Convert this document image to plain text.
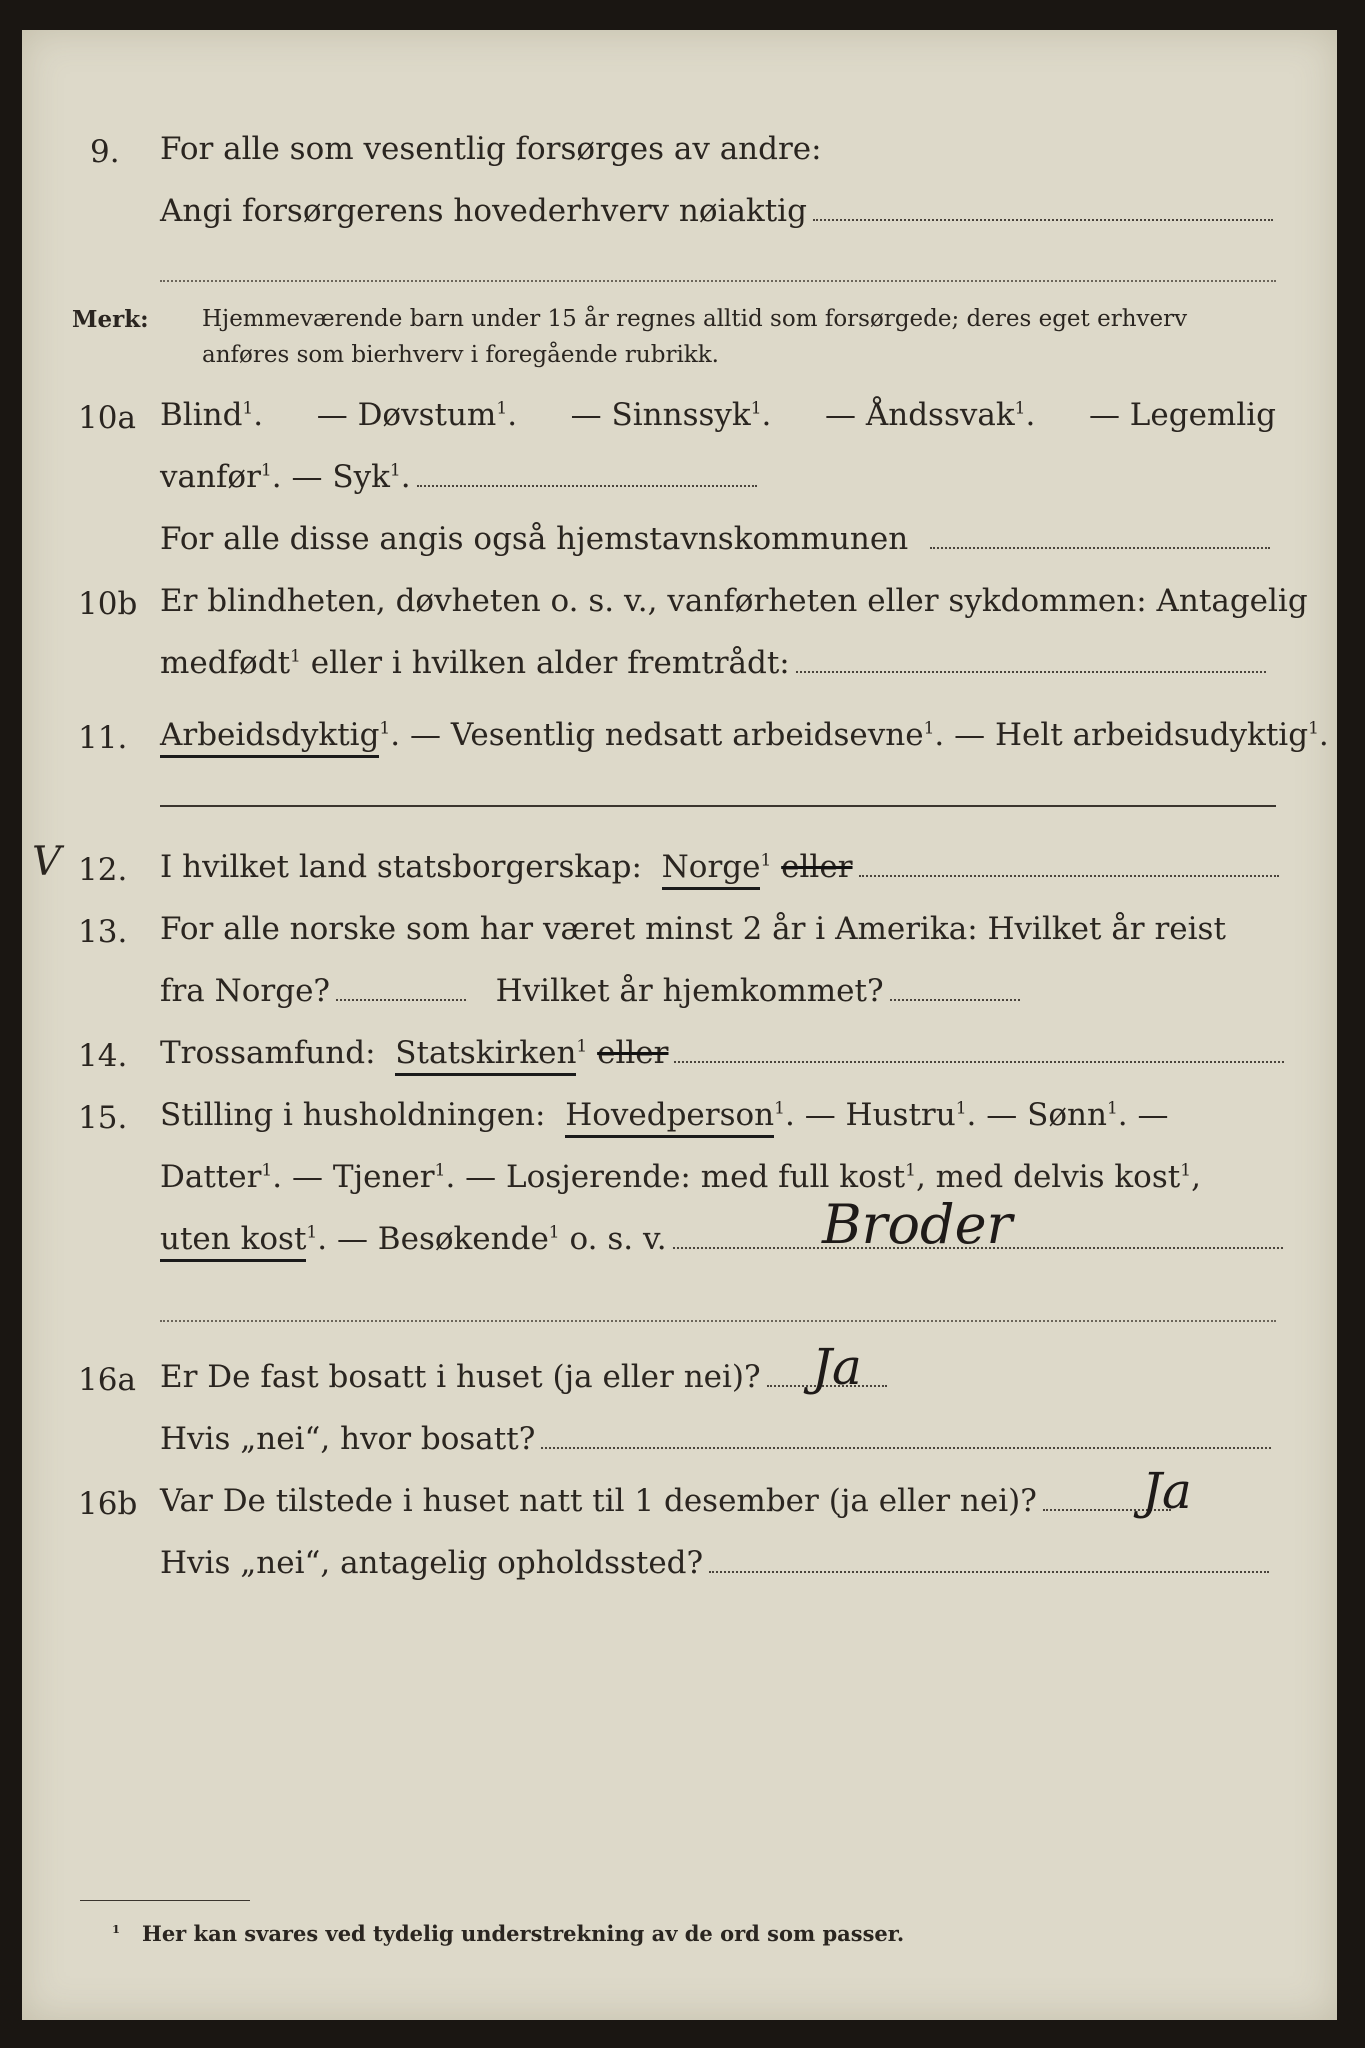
9. For alle som vesentlig forsørges av andre:
Angi forsørgerens hovederhverv nøiaktig
Merk: Hjemmeværende barn under 15 år regnes alltid som forsørgede; deres eget erhverv
anføres som bierhverv i foregående rubrikk.
10a Blind$^1$. — Døvstum$^1$. — Sinnssyk$^1$. — Åndssvak$^1$. — Legemlig
vanfør$^1$. — Syk$^1$.
For alle disse angis også hjemstavnskommunen
10b Er blindheten, døvheten o. s. v., vanførheten eller sykdommen: Antagelig
medfødt$^1$ eller i hvilken alder fremtrådt:
11. Arbeidsdyktig$^1$. — Vesentlig nedsatt arbeidsevne$^1$. — Helt arbeidsudyktig$^1$.
12.
V	I hvilket land statsborgerskap: Norge$^1$ eller
13. For alle norske som har været minst 2 år i Amerika: Hvilket år reist
fra Norge?	Hvilket år hjemkommet?
14. Trossamfund: Statskirken$^1$ eller
15. Stilling i husholdningen: Hovedperson$^1$. — Hustru$^1$. — Sønn$^1$. —
Datter$^1$. — Tjener$^1$. — Losjerende: med full kost$^1$, med delvis kost$^1$,
uten kost$^1$. — Besøkende$^1$ o. s. v.	Broder
16a Er De fast bosatt i huset (ja eller nei)?	Ja
Hvis „nei“, hvor bosatt?
16b Var De tilstede i huset natt til 1 desember (ja eller nei)?	Ja
Hvis „nei“, antagelig opholdssted?
$^1$ Her kan svares ved tydelig understrekning av de ord som passer.
